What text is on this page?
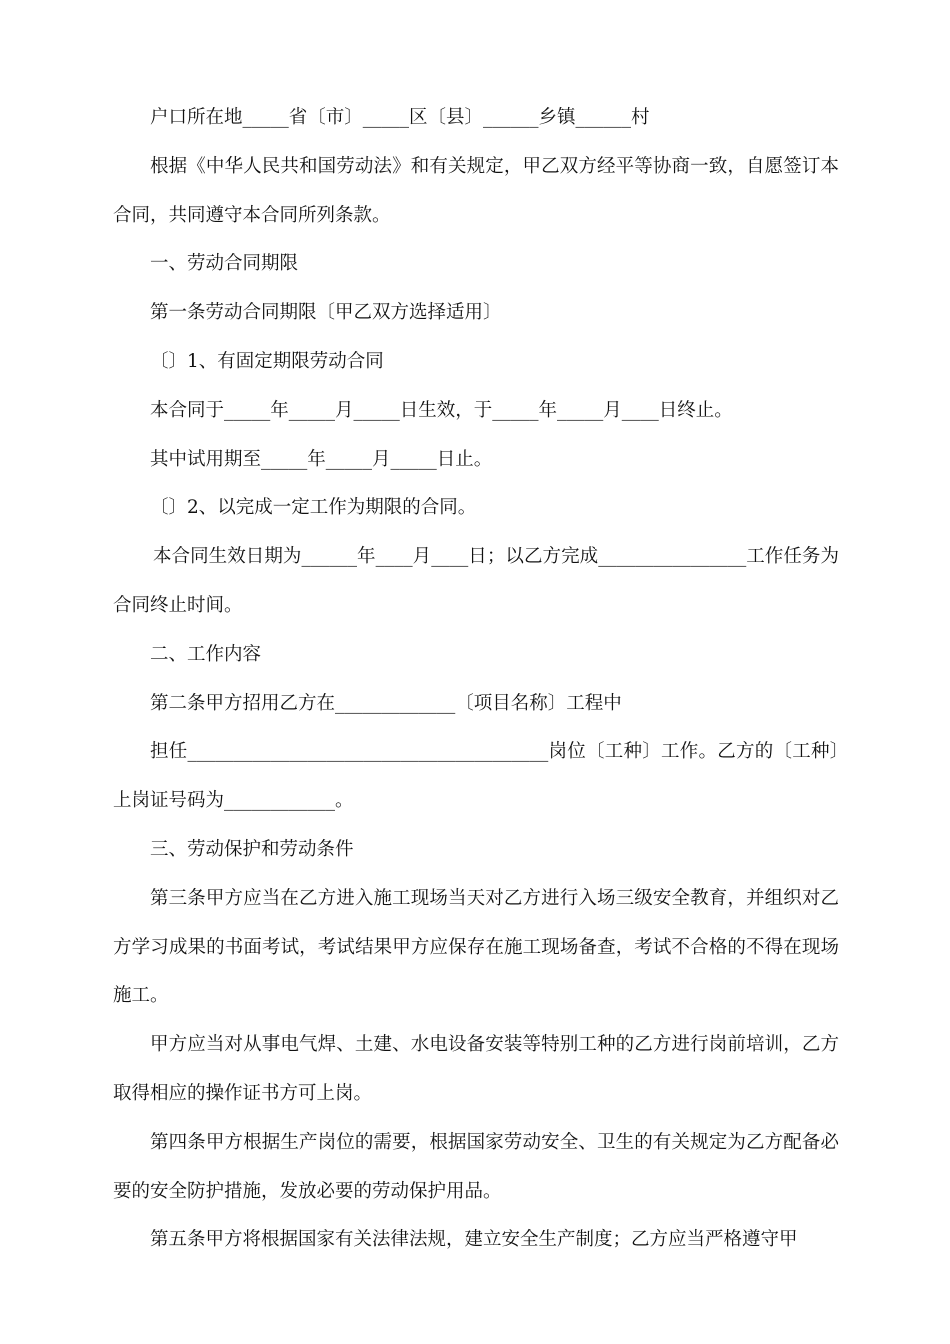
户口所在地_____省〔市〕_____区〔县〕______乡镇______村

根据《中华人民共和国劳动法》和有关规定，甲乙双方经平等协商一致，自愿签订本合同，共同遵守本合同所列条款。

一、劳动合同期限

第一条劳动合同期限〔甲乙双方选择适用〕

〔〕1、有固定期限劳动合同

本合同于_____年_____月_____日生效，于_____年_____月____日终止。

其中试用期至_____年_____月_____日止。

〔〕2、以完成一定工作为期限的合同。

本合同生效日期为______年____月____日；以乙方完成________________工作任务为合同终止时间。

二、工作内容

第二条甲方招用乙方在_____________〔项目名称〕工程中

担任_______________________________________岗位〔工种〕工作。乙方的〔工种〕上岗证号码为____________。

三、劳动保护和劳动条件

第三条甲方应当在乙方进入施工现场当天对乙方进行入场三级安全教育，并组织对乙方学习成果的书面考试，考试结果甲方应保存在施工现场备查，考试不合格的不得在现场施工。

甲方应当对从事电气焊、土建、水电设备安装等特别工种的乙方进行岗前培训，乙方取得相应的操作证书方可上岗。

第四条甲方根据生产岗位的需要，根据国家劳动安全、卫生的有关规定为乙方配备必要的安全防护措施，发放必要的劳动保护用品。

第五条甲方将根据国家有关法律法规，建立安全生产制度；乙方应当严格遵守甲
